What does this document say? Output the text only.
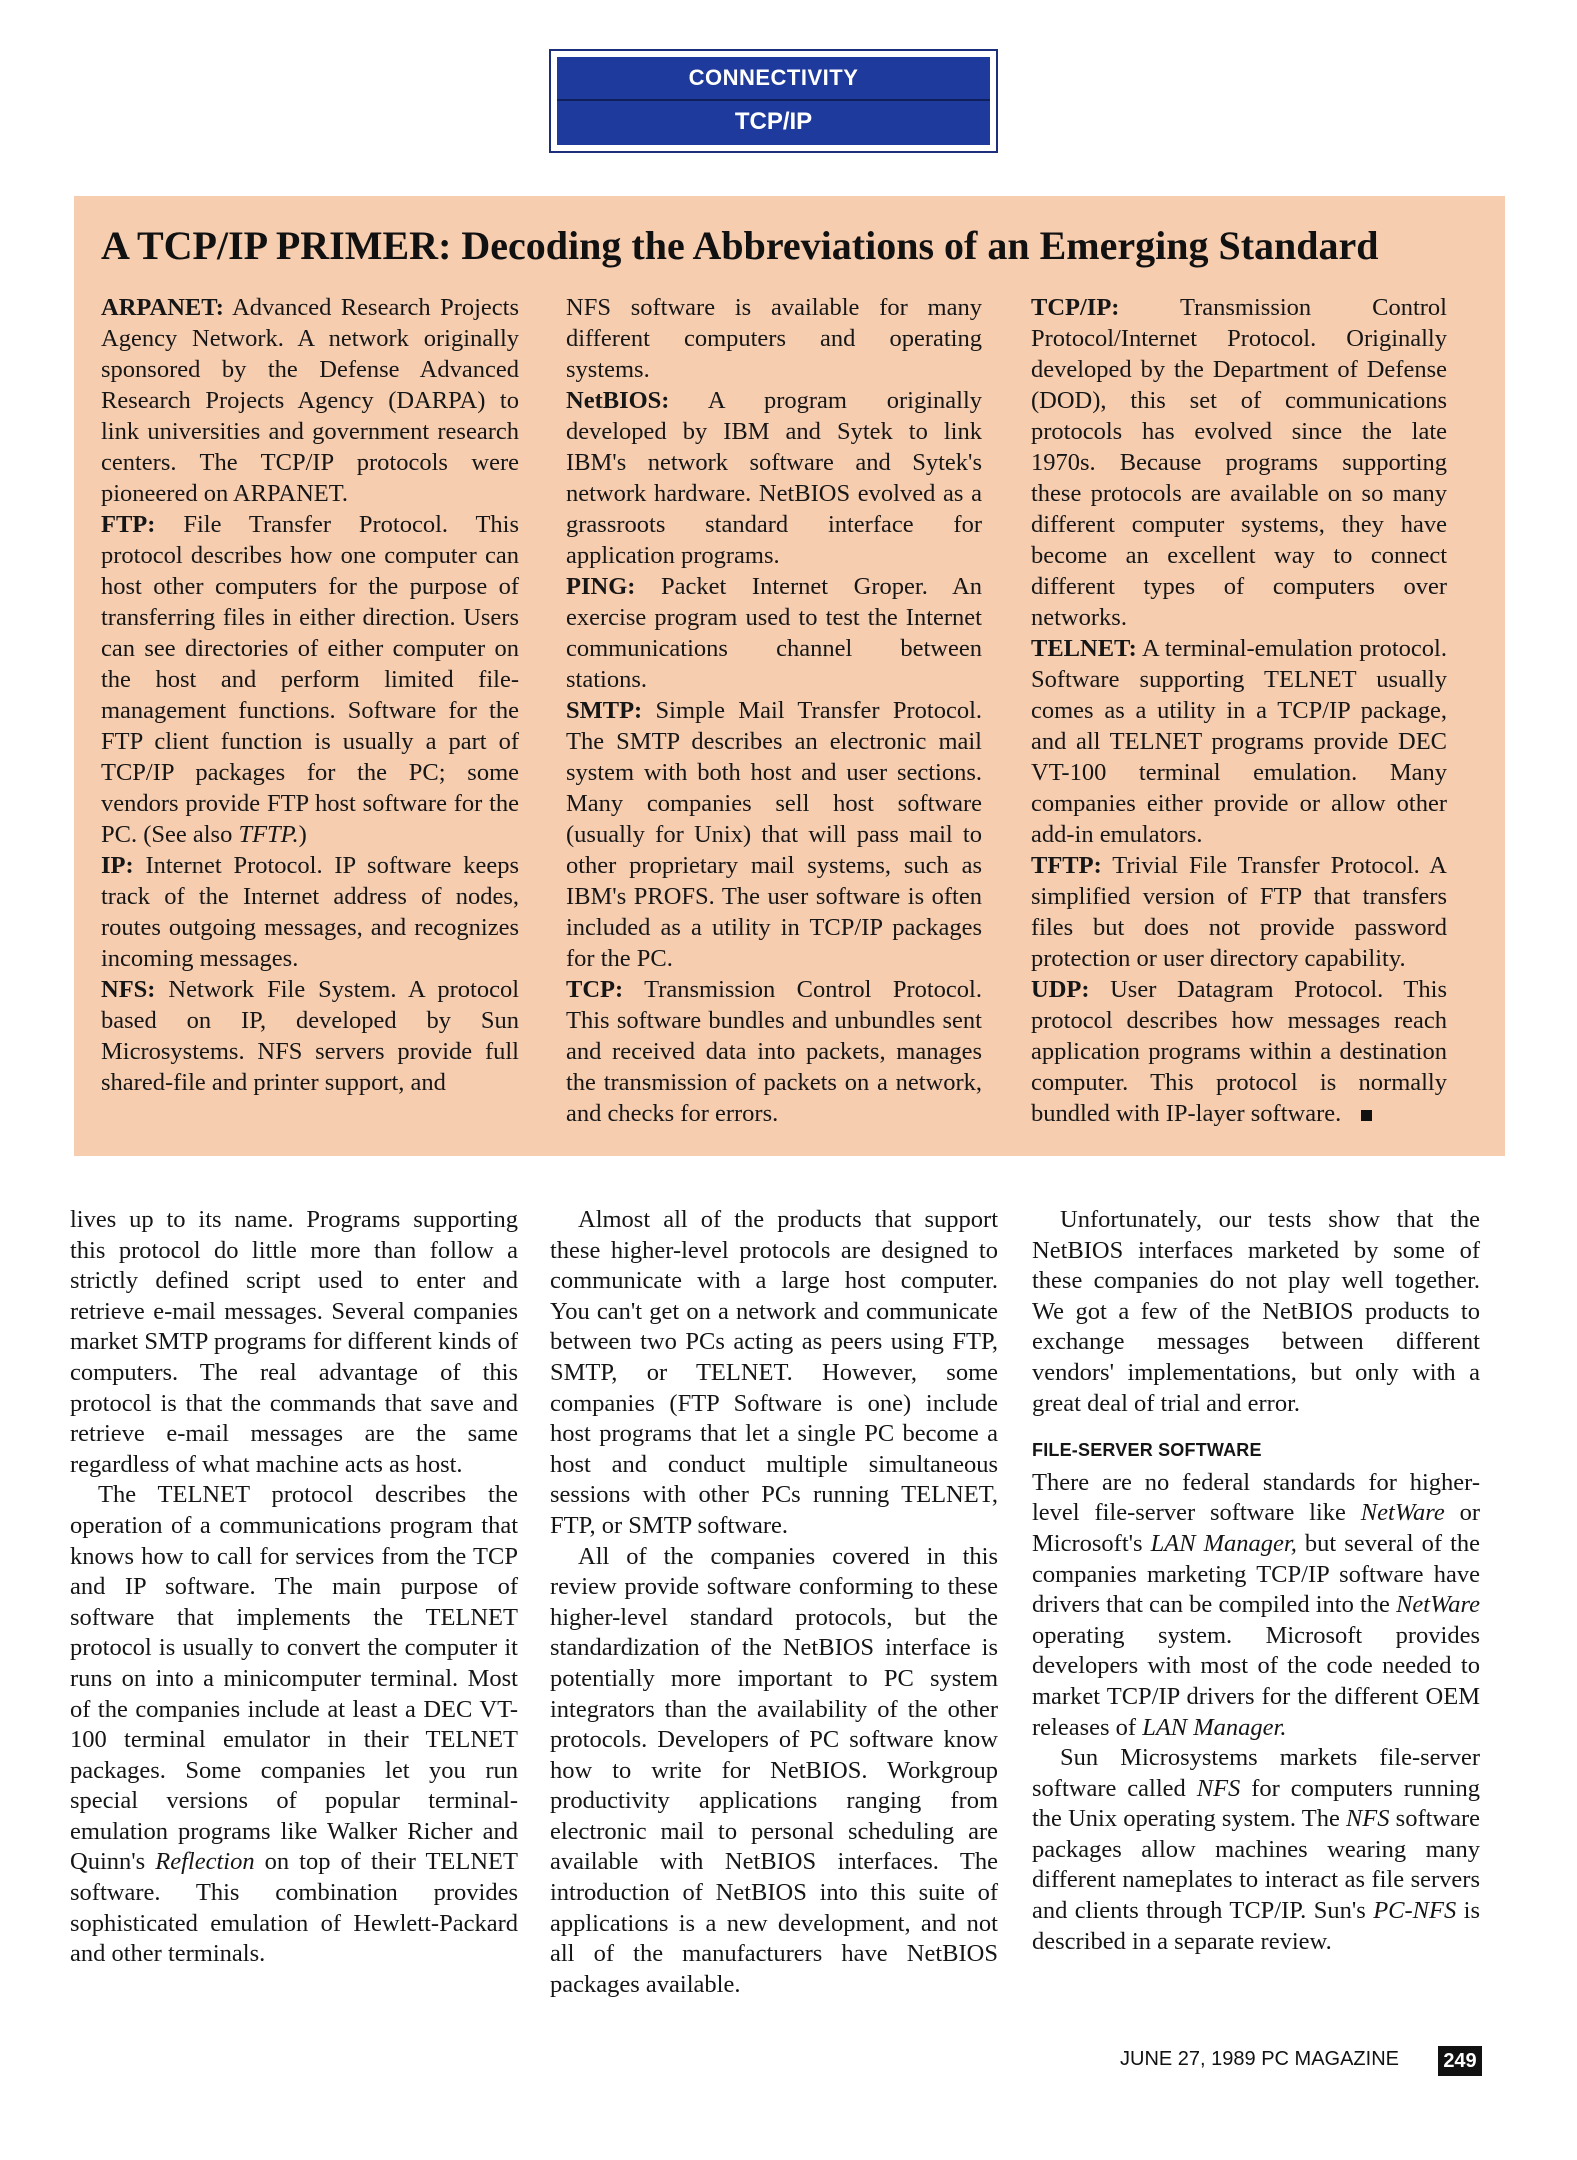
CONNECTIVITY
TCP/IP
A TCP/IP PRIMER: Decoding the Abbreviations of an Emerging Standard

ARPANET: Advanced Research Projects Agency Network. A network originally sponsored by the Defense Advanced Research Projects Agency (DARPA) to link universities and government research centers. The TCP/IP protocols were pioneered on ARPANET.

FTP: File Transfer Protocol. This protocol describes how one computer can host other computers for the purpose of transferring files in either direction. Users can see directories of either computer on the host and perform limited file-management functions. Software for the FTP client function is usually a part of TCP/IP packages for the PC; some vendors provide FTP host software for the PC. (See also TFTP.)

IP: Internet Protocol. IP software keeps track of the Internet address of nodes, routes outgoing messages, and recognizes incoming messages.

NFS: Network File System. A protocol based on IP, developed by Sun Microsystems. NFS servers provide full shared-file and printer support, and

NFS software is available for many different computers and operating systems.

NetBIOS: A program originally developed by IBM and Sytek to link IBM's network software and Sytek's network hardware. NetBIOS evolved as a grassroots standard interface for application programs.

PING: Packet Internet Groper. An exercise program used to test the Internet communications channel between stations.

SMTP: Simple Mail Transfer Protocol. The SMTP describes an electronic mail system with both host and user sections. Many companies sell host software (usually for Unix) that will pass mail to other proprietary mail systems, such as IBM's PROFS. The user software is often included as a utility in TCP/IP packages for the PC.

TCP: Transmission Control Protocol. This software bundles and unbundles sent and received data into packets, manages the transmission of packets on a network, and checks for errors.

TCP/IP: Transmission Control Protocol/Internet Protocol. Originally developed by the Department of Defense (DOD), this set of communications protocols has evolved since the late 1970s. Because programs supporting these protocols are available on so many different computer systems, they have become an excellent way to connect different types of computers over networks.

TELNET: A terminal-emulation protocol. Software supporting TELNET usually comes as a utility in a TCP/IP package, and all TELNET programs provide DEC VT-100 terminal emulation. Many companies either provide or allow other add-in emulators.

TFTP: Trivial File Transfer Protocol. A simplified version of FTP that transfers files but does not provide password protection or user directory capability.

UDP: User Datagram Protocol. This protocol describes how messages reach application programs within a destination computer. This protocol is normally bundled with IP-layer software.

lives up to its name. Programs supporting this protocol do little more than follow a strictly defined script used to enter and retrieve e-mail messages. Several companies market SMTP programs for different kinds of computers. The real advantage of this protocol is that the commands that save and retrieve e-mail messages are the same regardless of what machine acts as host.

The TELNET protocol describes the operation of a communications program that knows how to call for services from the TCP and IP software. The main purpose of software that implements the TELNET protocol is usually to convert the computer it runs on into a minicomputer terminal. Most of the companies include at least a DEC VT-100 terminal emulator in their TELNET packages. Some companies let you run special versions of popular terminal-emulation programs like Walker Richer and Quinn's Reflection on top of their TELNET software. This combination provides sophisticated emulation of Hewlett-Packard and other terminals.

Almost all of the products that support these higher-level protocols are designed to communicate with a large host computer. You can't get on a network and communicate between two PCs acting as peers using FTP, SMTP, or TELNET. However, some companies (FTP Software is one) include host programs that let a single PC become a host and conduct multiple simultaneous sessions with other PCs running TELNET, FTP, or SMTP software.

All of the companies covered in this review provide software conforming to these higher-level standard protocols, but the standardization of the NetBIOS interface is potentially more important to PC system integrators than the availability of the other protocols. Developers of PC software know how to write for NetBIOS. Workgroup productivity applications ranging from electronic mail to personal scheduling are available with NetBIOS interfaces. The introduction of NetBIOS into this suite of applications is a new development, and not all of the manufacturers have NetBIOS packages available.

Unfortunately, our tests show that the NetBIOS interfaces marketed by some of these companies do not play well together. We got a few of the NetBIOS products to exchange messages between different vendors' implementations, but only with a great deal of trial and error.

FILE-SERVER SOFTWARE

There are no federal standards for higher-level file-server software like NetWare or Microsoft's LAN Manager, but several of the companies marketing TCP/IP software have drivers that can be compiled into the NetWare operating system. Microsoft provides developers with most of the code needed to market TCP/IP drivers for the different OEM releases of LAN Manager.

Sun Microsystems markets file-server software called NFS for computers running the Unix operating system. The NFS software packages allow machines wearing many different nameplates to interact as file servers and clients through TCP/IP. Sun's PC-NFS is described in a separate review.

JUNE 27, 1989 PC MAGAZINE 249
